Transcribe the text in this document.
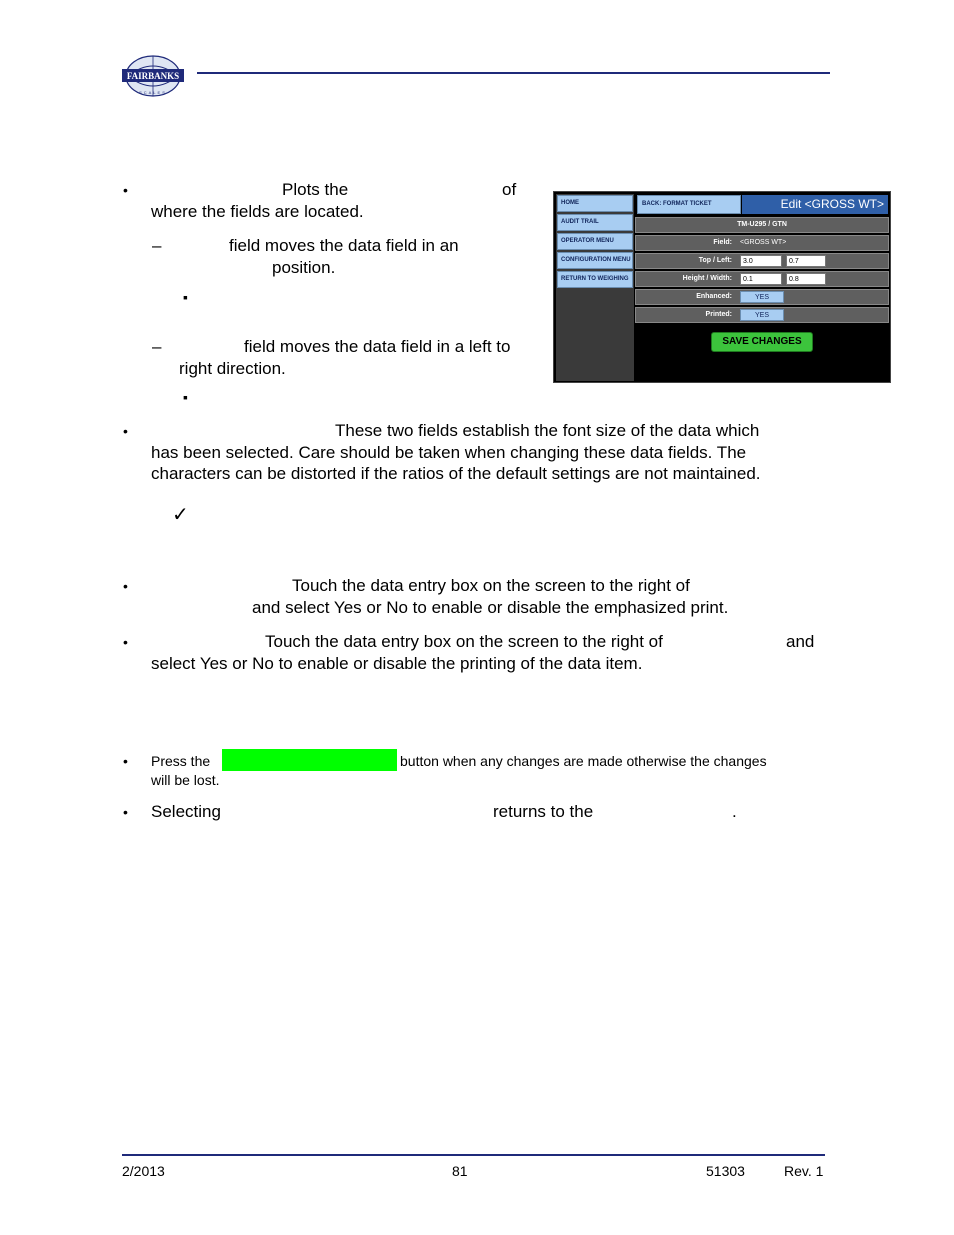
FAIRBANKS
SCALES
•	Plots the	of
where the fields are located.
–	field moves the data field in an
position.
▪
–	field moves the data field in a left to
right direction.
▪
HOME
AUDIT TRAIL
OPERATOR MENU
CONFIGURATION MENU
RETURN TO WEIGHING
BACK: FORMAT TICKET	Edit <GROSS WT>
TM-U295 / GTN
Field: <GROSS WT>
Top / Left:	3.0	0.7
Height / Width:	0.1	0.8
Enhanced:	YES
Printed:	YES
SAVE CHANGES
•	These two fields establish the font size of the data which
has been selected. Care should be taken when changing these data fields. The
characters can be distorted if the ratios of the default settings are not maintained.
✓
•	Touch the data entry box on the screen to the right of
and select Yes or No to enable or disable the emphasized print.
•	Touch the data entry box on the screen to the right of	and
select Yes or No to enable or disable the printing of the data item.
• Press the	button when any changes are made otherwise the changes
will be lost.
• Selecting	returns to the	.
2/2013	81	51303	Rev. 1
